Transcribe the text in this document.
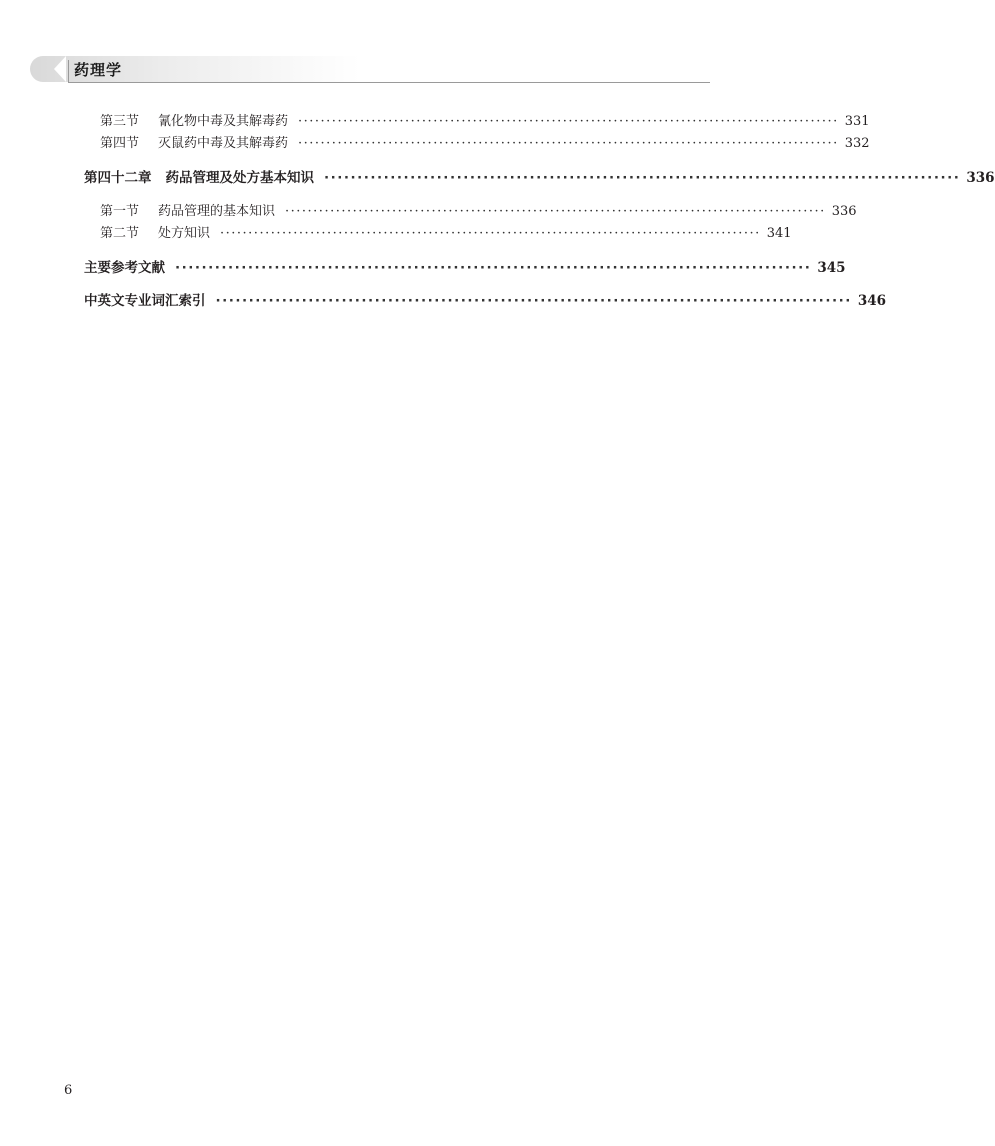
药理学
第三节 氰化物中毒及其解毒药 ································································································ 331
第四节 灭鼠药中毒及其解毒药 ································································································ 332
第四十二章 药品管理及处方基本知识 ································································································ 336
第一节 药品管理的基本知识 ································································································ 336
第二节 处方知识 ································································································ 341
主要参考文献 ································································································ 345
中英文专业词汇索引 ································································································ 346
6
